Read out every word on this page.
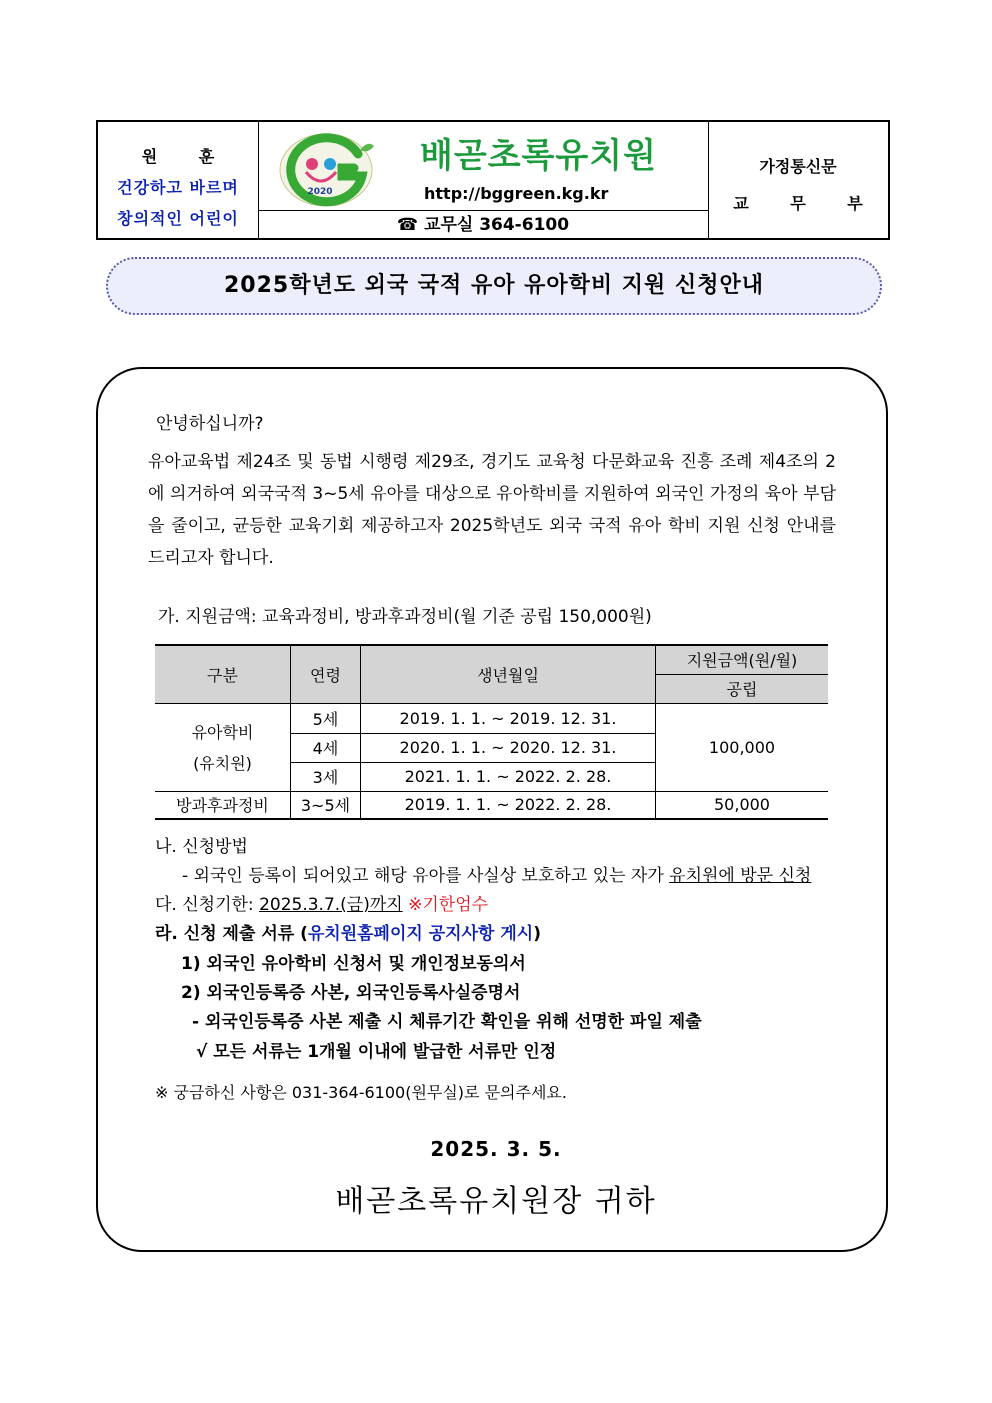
원 훈
건강하고 바르며
창의적인 어린이
2020
배곧초록유치원
http://bggreen.kg.kr
☎ 교무실 364-6100
가정통신문
교 무 부
2025학년도 외국 국적 유아 유아학비 지원 신청안내
안녕하십니까?
유아교육법 제24조 및 동법 시행령 제29조, 경기도 교육청 다문화교육 진흥 조례 제4조의 2에 의거하여 외국국적 3~5세 유아를 대상으로 유아학비를 지원하여 외국인 가정의 육아 부담을 줄이고, 균등한 교육기회 제공하고자 2025학년도 외국 국적 유아 학비 지원 신청 안내를 드리고자 합니다.
가. 지원금액: 교육과정비, 방과후과정비(월 기준 공립 150,000원)
구분	연령	생년월일	지원금액(원/월)
			공립

유아학비
(유치원)	5세	2019. 1. 1. ~ 2019. 12. 31.	100,000
	4세	2020. 1. 1. ~ 2020. 12. 31.	
	3세	2021. 1. 1. ~ 2022. 2. 28.	
방과후과정비	3~5세	2019. 1. 1. ~ 2022. 2. 28.	50,000
나. 신청방법
- 외국인 등록이 되어있고 해당 유아를 사실상 보호하고 있는 자가 유치원에 방문 신청
다. 신청기한: 2025.3.7.(금)까지 ※기한엄수
라. 신청 제출 서류 (유치원홈페이지 공지사항 게시)
1) 외국인 유아학비 신청서 및 개인정보동의서
2) 외국인등록증 사본, 외국인등록사실증명서
- 외국인등록증 사본 제출 시 체류기간 확인을 위해 선명한 파일 제출
√ 모든 서류는 1개월 이내에 발급한 서류만 인정
※ 궁금하신 사항은 031-364-6100(원무실)로 문의주세요.
2025. 3. 5.
배곧초록유치원장 귀하
